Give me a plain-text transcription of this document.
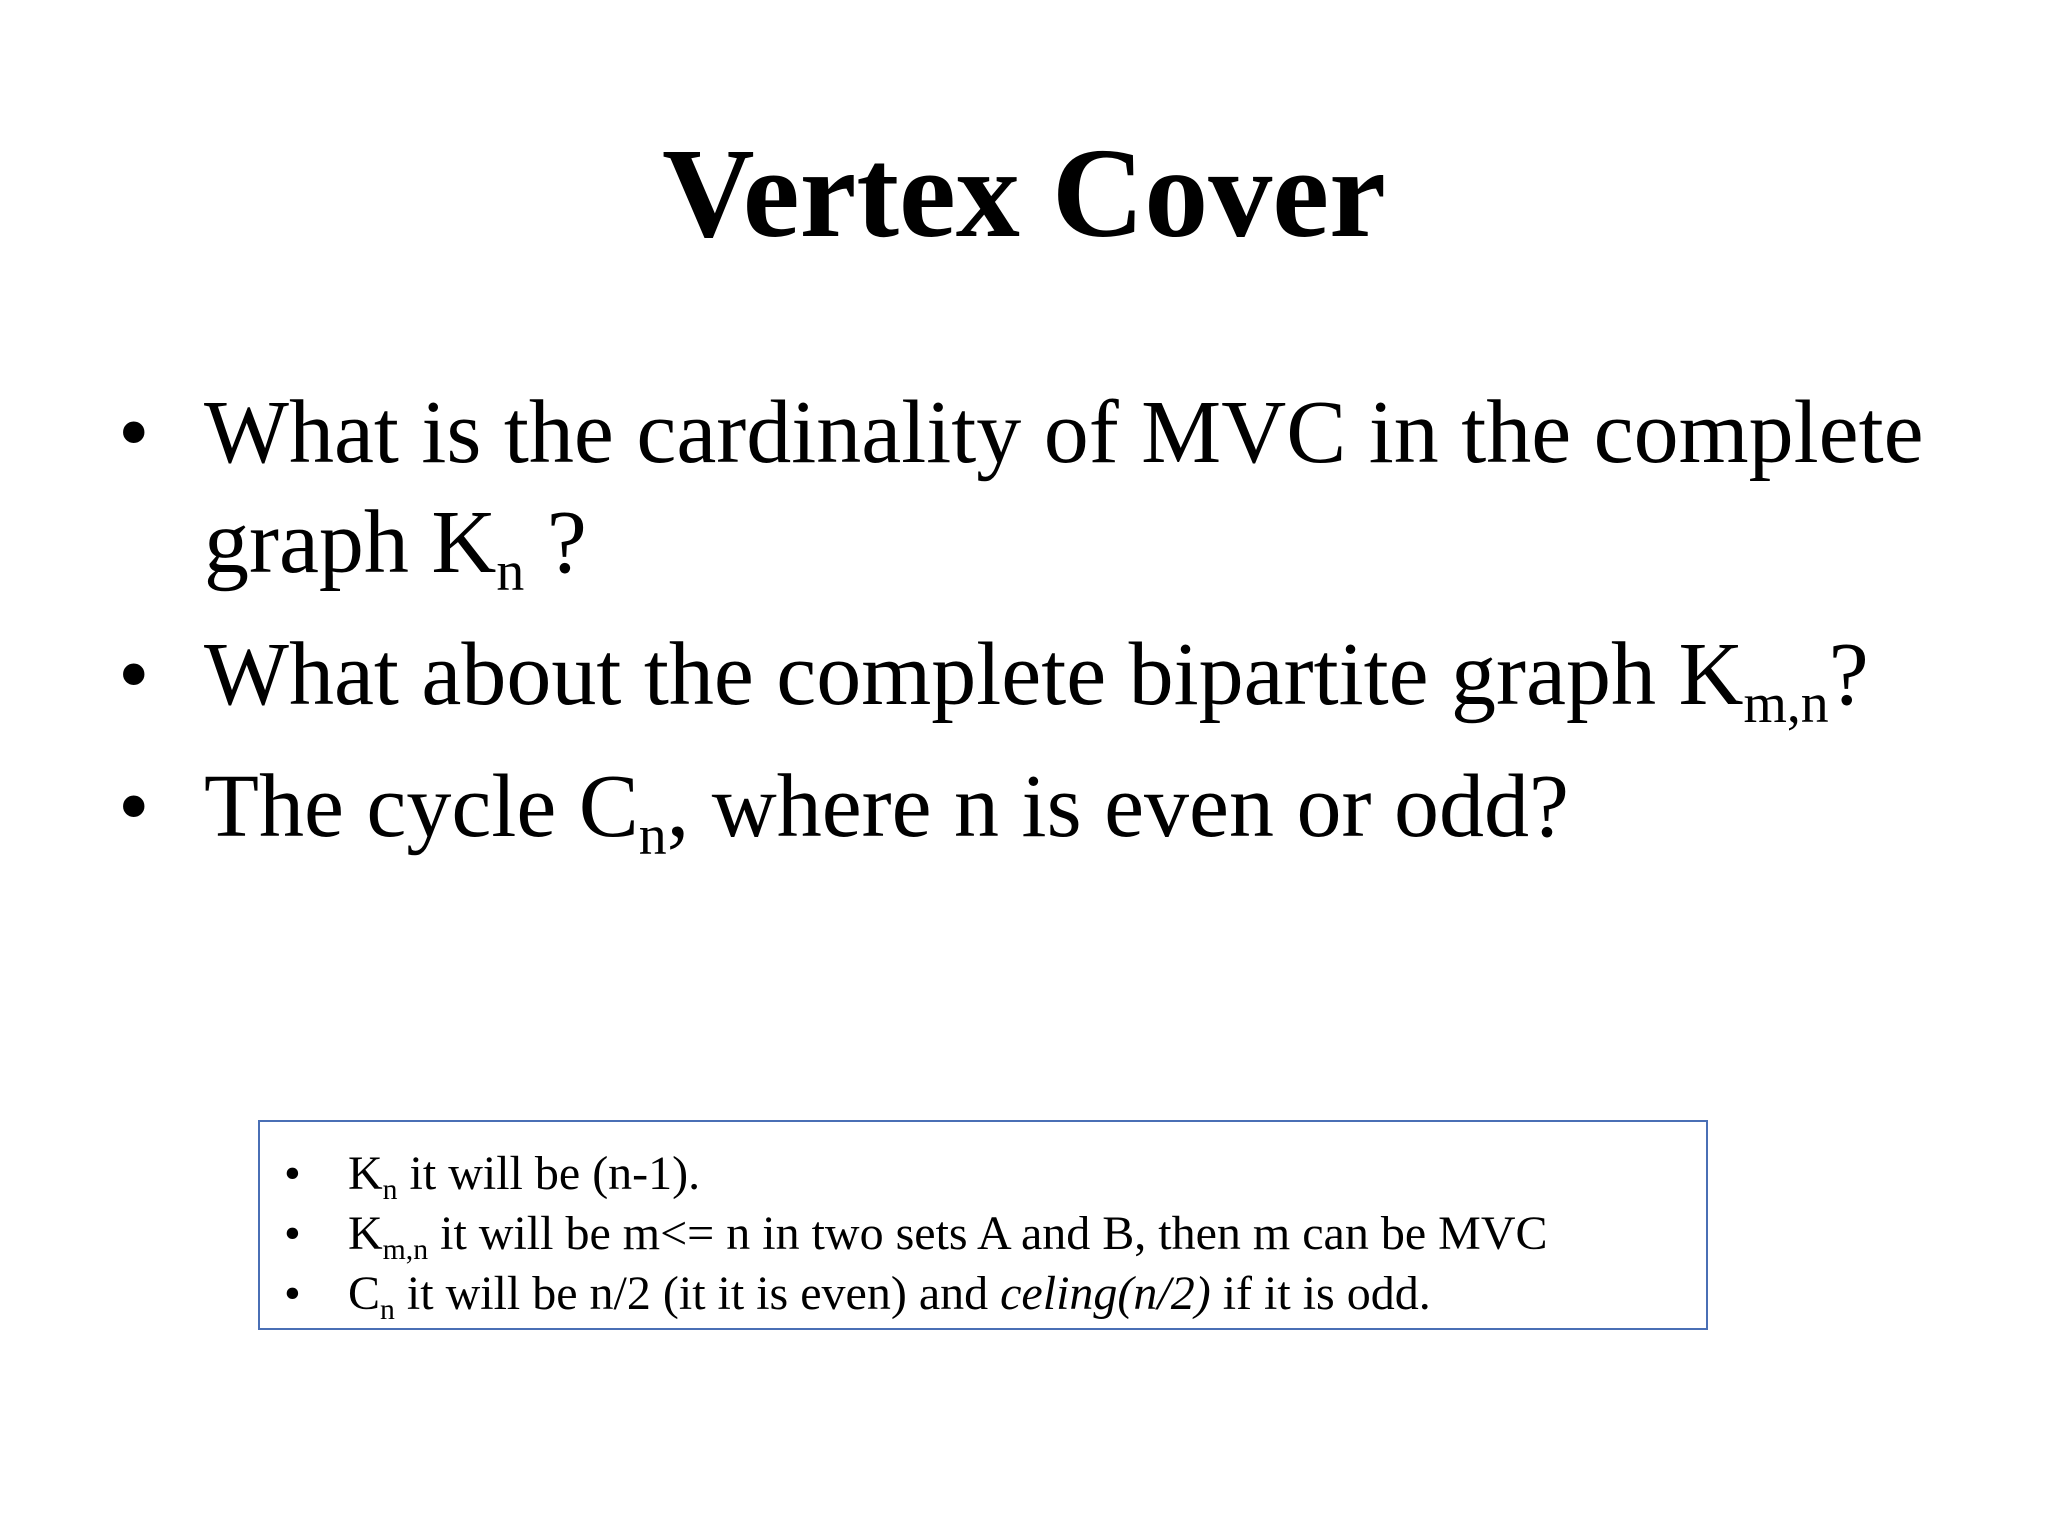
Vertex Cover
• What is the cardinality of MVC in the complete graph $K_n$ ?
• What about the complete bipartite graph $K_{m,n}$?
• The cycle $C_n$, where n is even or odd?
• $K_n$ it will be (n-1).
• $K_{m,n}$ it will be m<= n in two sets A and B, then m can be MVC
• $C_n$ it will be n/2 (it it is even) and celing(n/2) if it is odd.
